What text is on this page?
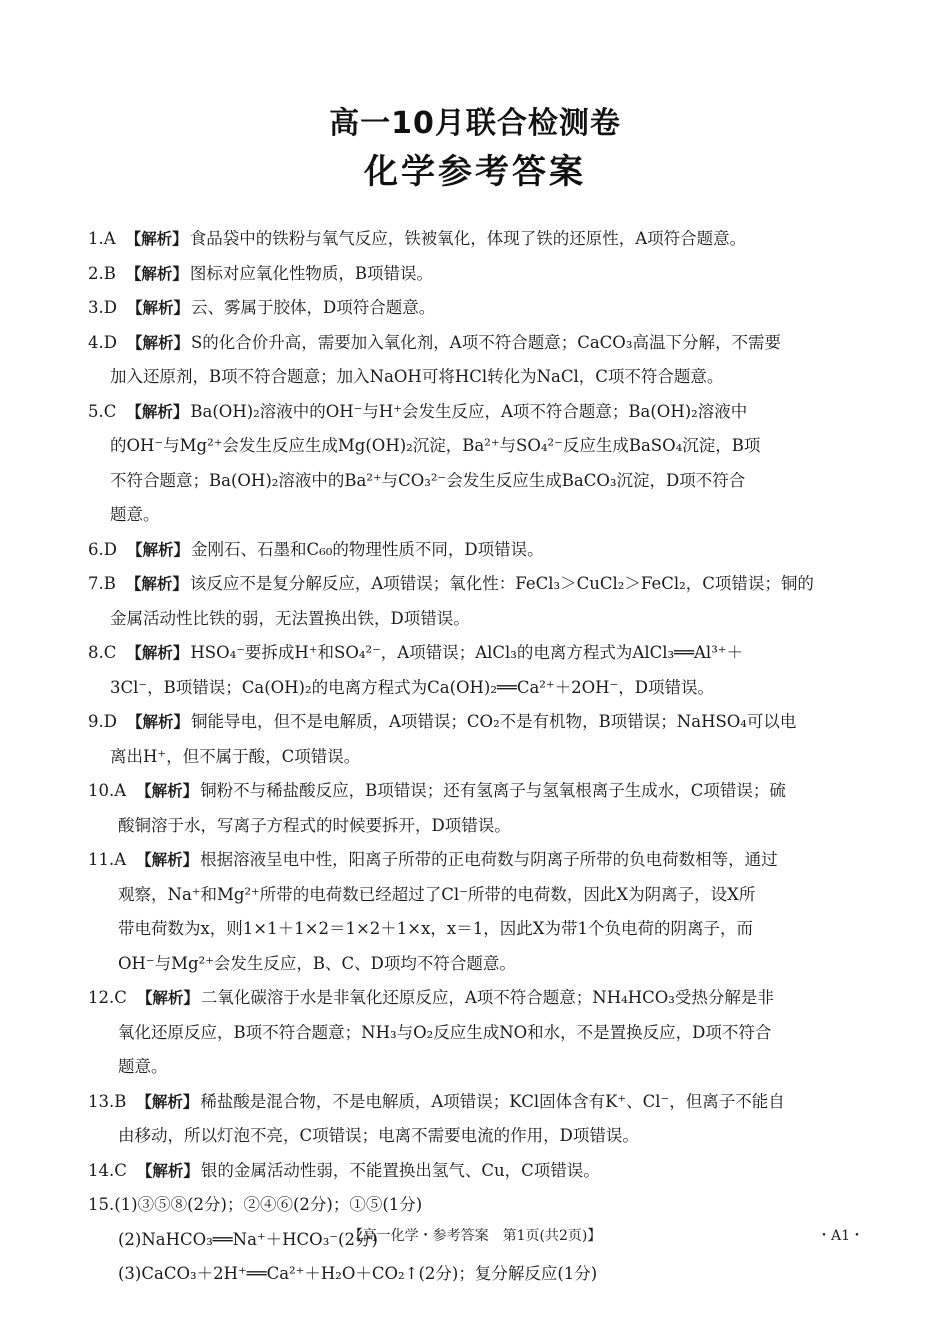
高一10月联合检测卷
化学参考答案
1.A 【解析】 食品袋中的铁粉与氧气反应，铁被氧化，体现了铁的还原性，A项符合题意。
2.B 【解析】 图标对应氧化性物质，B项错误。
3.D 【解析】 云、雾属于胶体，D项符合题意。
4.D 【解析】 S的化合价升高，需要加入氧化剂，A项不符合题意；CaCO₃高温下分解，不需要
加入还原剂，B项不符合题意；加入NaOH可将HCl转化为NaCl，C项不符合题意。
5.C 【解析】 Ba(OH)₂溶液中的OH⁻与H⁺会发生反应，A项不符合题意；Ba(OH)₂溶液中
的OH⁻与Mg²⁺会发生反应生成Mg(OH)₂沉淀，Ba²⁺与SO₄²⁻反应生成BaSO₄沉淀，B项
不符合题意；Ba(OH)₂溶液中的Ba²⁺与CO₃²⁻会发生反应生成BaCO₃沉淀，D项不符合
题意。
6.D 【解析】 金刚石、石墨和C₆₀的物理性质不同，D项错误。
7.B 【解析】 该反应不是复分解反应，A项错误；氧化性：FeCl₃＞CuCl₂＞FeCl₂，C项错误；铜的
金属活动性比铁的弱，无法置换出铁，D项错误。
8.C 【解析】 HSO₄⁻要拆成H⁺和SO₄²⁻，A项错误；AlCl₃的电离方程式为AlCl₃══Al³⁺＋
3Cl⁻，B项错误；Ca(OH)₂的电离方程式为Ca(OH)₂══Ca²⁺＋2OH⁻，D项错误。
9.D 【解析】 铜能导电，但不是电解质，A项错误；CO₂不是有机物，B项错误；NaHSO₄可以电
离出H⁺，但不属于酸，C项错误。
10.A 【解析】 铜粉不与稀盐酸反应，B项错误；还有氢离子与氢氧根离子生成水，C项错误；硫
酸铜溶于水，写离子方程式的时候要拆开，D项错误。
11.A 【解析】 根据溶液呈电中性，阳离子所带的正电荷数与阴离子所带的负电荷数相等，通过
观察，Na⁺和Mg²⁺所带的电荷数已经超过了Cl⁻所带的电荷数，因此X为阴离子，设X所
带电荷数为x，则1×1＋1×2＝1×2＋1×x，x＝1，因此X为带1个负电荷的阴离子，而
OH⁻与Mg²⁺会发生反应，B、C、D项均不符合题意。
12.C 【解析】 二氧化碳溶于水是非氧化还原反应，A项不符合题意；NH₄HCO₃受热分解是非
氧化还原反应，B项不符合题意；NH₃与O₂反应生成NO和水，不是置换反应，D项不符合
题意。
13.B 【解析】 稀盐酸是混合物，不是电解质，A项错误；KCl固体含有K⁺、Cl⁻，但离子不能自
由移动，所以灯泡不亮，C项错误；电离不需要电流的作用，D项错误。
14.C 【解析】 银的金属活动性弱，不能置换出氢气、Cu，C项错误。
15.(1)③⑤⑧(2分)；②④⑥(2分)；①⑤(1分)
(2)NaHCO₃══Na⁺＋HCO₃⁻(2分)
(3)CaCO₃＋2H⁺══Ca²⁺＋H₂O＋CO₂↑(2分)；复分解反应(1分)
【高一化学・参考答案　第1页(共2页)】	・A1・
